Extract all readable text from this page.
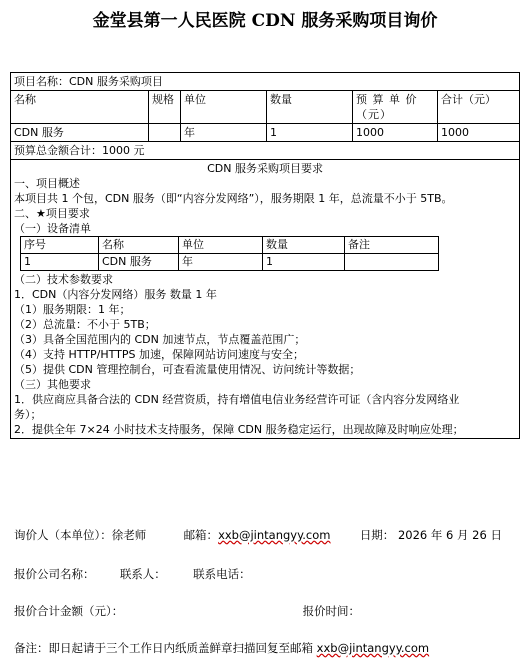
金堂县第一人民医院 CDN 服务采购项目询价
项目名称：CDN 服务采购项目
名称	规格	单位	数量	预 算 单 价（元）	合计（元）
CDN 服务		年	1	1000	1000
预算总金额合计：1000 元

CDN 服务采购项目要求

一、项目概述

本项目共 1 个包，CDN 服务（即“内容分发网络”），服务期限 1 年，总流量不小于 5TB。

二、★项目要求

（一）设备清单

序号	名称	单位	数量	备注
1	CDN 服务	年	1	

（二）技术参数要求

1．CDN（内容分发网络）服务 数量 1 年

（1）服务期限：1 年；

（2）总流量：不小于 5TB；

（3）具备全国范围内的 CDN 加速节点，节点覆盖范围广；

（4）支持 HTTP/HTTPS 加速，保障网站访问速度与安全；

（5）提供 CDN 管理控制台，可查看流量使用情况、访问统计等数据；

（三）其他要求

1．供应商应具备合法的 CDN 经营资质，持有增值电信业务经营许可证（含内容分发网络业

务）；

2．提供全年 7×24 小时技术支持服务，保障 CDN 服务稳定运行，出现故障及时响应处理；

询价人（本单位）：徐老师	邮箱：xxb@jintangyy.com	日期： 2026 年 6 月 26 日
报价公司名称： 联系人： 联系电话：
报价合计金额（元）：	报价时间：
备注：即日起请于三个工作日内纸质盖鲜章扫描回复至邮箱 xxb@jintangyy.com
